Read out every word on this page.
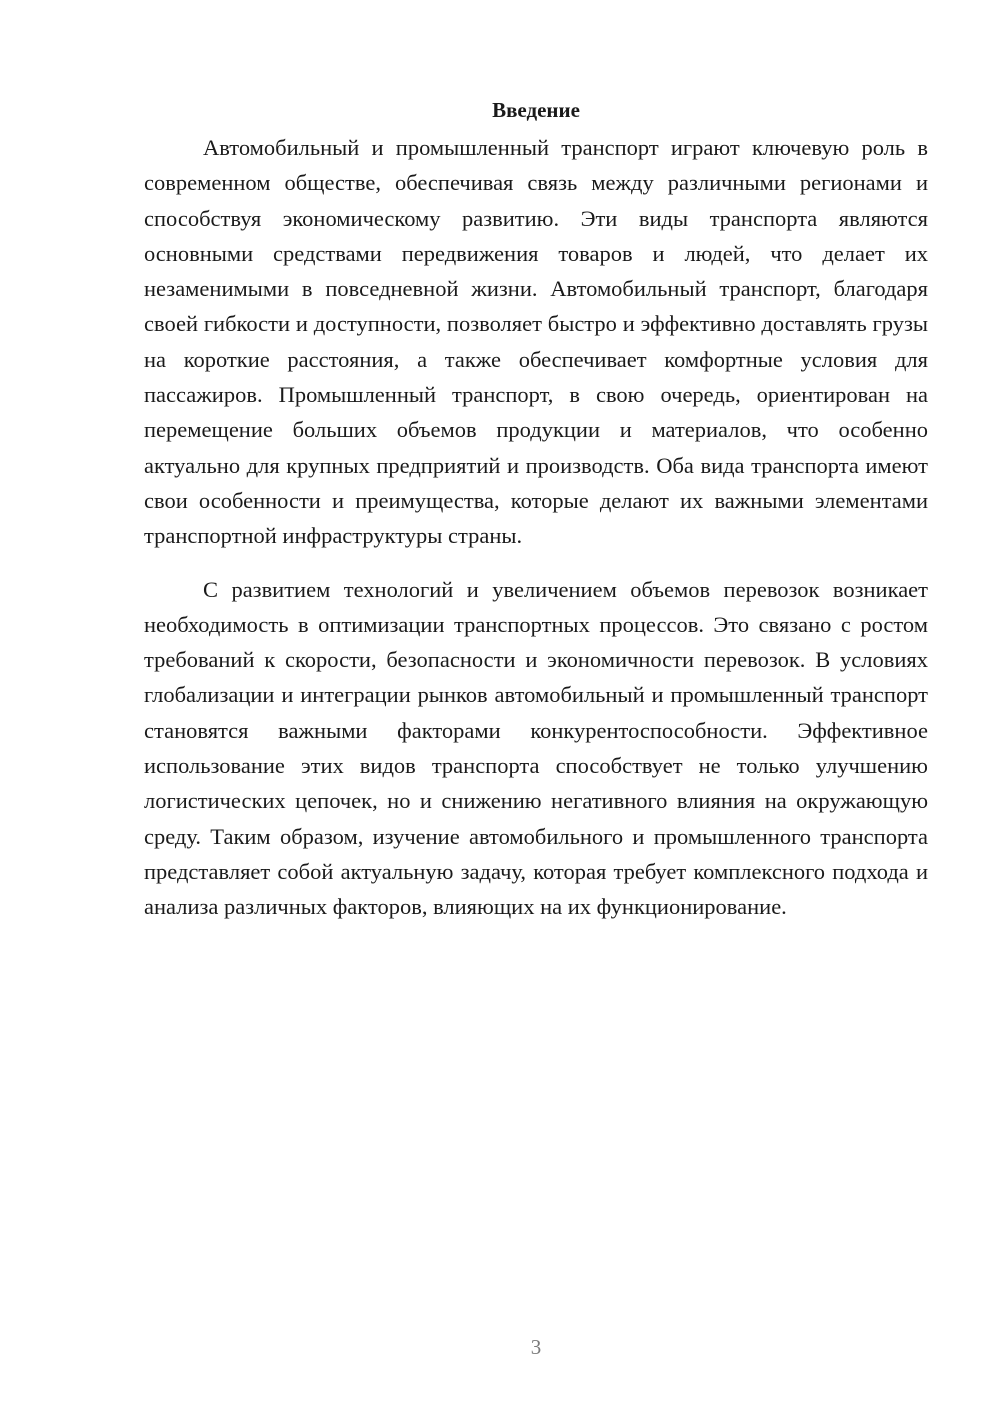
Введение

Автомобильный и промышленный транспорт играют ключевую роль в современном обществе, обеспечивая связь между различными регионами и способствуя экономическому развитию. Эти виды транспорта являются основными средствами передвижения товаров и людей, что делает их незаменимыми в повседневной жизни. Автомобильный транспорт, благодаря своей гибкости и доступности, позволяет быстро и эффективно доставлять грузы на короткие расстояния, а также обеспечивает комфортные условия для пассажиров. Промышленный транспорт, в свою очередь, ориентирован на перемещение больших объемов продукции и материалов, что особенно актуально для крупных предприятий и производств. Оба вида транспорта имеют свои особенности и преимущества, которые делают их важными элементами транспортной инфраструктуры страны.

С развитием технологий и увеличением объемов перевозок возникает необходимость в оптимизации транспортных процессов. Это связано с ростом требований к скорости, безопасности и экономичности перевозок. В условиях глобализации и интеграции рынков автомобильный и промышленный транспорт становятся важными факторами конкурентоспособности. Эффективное использование этих видов транспорта способствует не только улучшению логистических цепочек, но и снижению негативного влияния на окружающую среду. Таким образом, изучение автомобильного и промышленного транспорта представляет собой актуальную задачу, которая требует комплексного подхода и анализа различных факторов, влияющих на их функционирование.

3
